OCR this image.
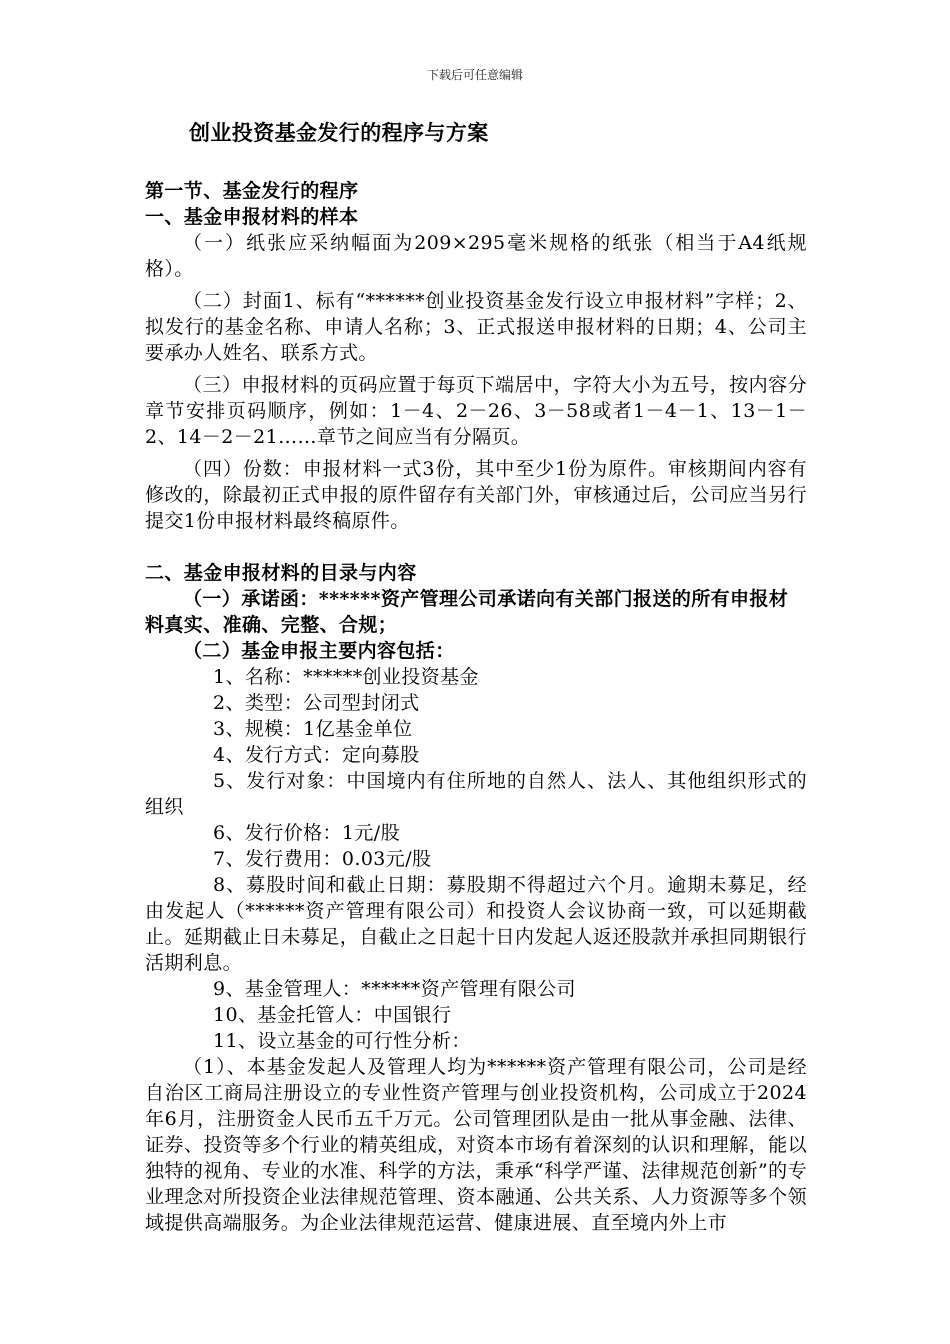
下载后可任意编辑

创业投资基金发行的程序与方案

第一节、基金发行的程序

一、基金申报材料的样本

（一）纸张应采纳幅面为209×295毫米规格的纸张（相当于A4纸规格）。

（二）封面1、标有“******创业投资基金发行设立申报材料”字样；2、拟发行的基金名称、申请人名称；3、正式报送申报材料的日期；4、公司主要承办人姓名、联系方式。

（三）申报材料的页码应置于每页下端居中，字符大小为五号，按内容分章节安排页码顺序，例如：1－4、2－26、3－58或者1－4－1、13－1－2、14－2－21……章节之间应当有分隔页。

（四）份数：申报材料一式3份，其中至少1份为原件。审核期间内容有修改的，除最初正式申报的原件留存有关部门外，审核通过后，公司应当另行提交1份申报材料最终稿原件。

二、基金申报材料的目录与内容

（一）承诺函：******资产管理公司承诺向有关部门报送的所有申报材料真实、准确、完整、合规；

（二）基金申报主要内容包括：

1、名称：******创业投资基金

2、类型：公司型封闭式

3、规模：1亿基金单位

4、发行方式：定向募股

5、发行对象：中国境内有住所地的自然人、法人、其他组织形式的组织

6、发行价格：1元/股

7、发行费用：0.03元/股

8、募股时间和截止日期：募股期不得超过六个月。逾期未募足，经由发起人（******资产管理有限公司）和投资人会议协商一致，可以延期截止。延期截止日未募足，自截止之日起十日内发起人返还股款并承担同期银行活期利息。

9、基金管理人：******资产管理有限公司

10、基金托管人：中国银行

11、设立基金的可行性分析：

（1）、本基金发起人及管理人均为******资产管理有限公司，公司是经自治区工商局注册设立的专业性资产管理与创业投资机构，公司成立于2024年6月，注册资金人民币五千万元。公司管理团队是由一批从事金融、法律、证券、投资等多个行业的精英组成，对资本市场有着深刻的认识和理解，能以独特的视角、专业的水准、科学的方法，秉承“科学严谨、法律规范创新”的专业理念对所投资企业法律规范管理、资本融通、公共关系、人力资源等多个领域提供高端服务。为企业法律规范运营、健康进展、直至境内外上市
